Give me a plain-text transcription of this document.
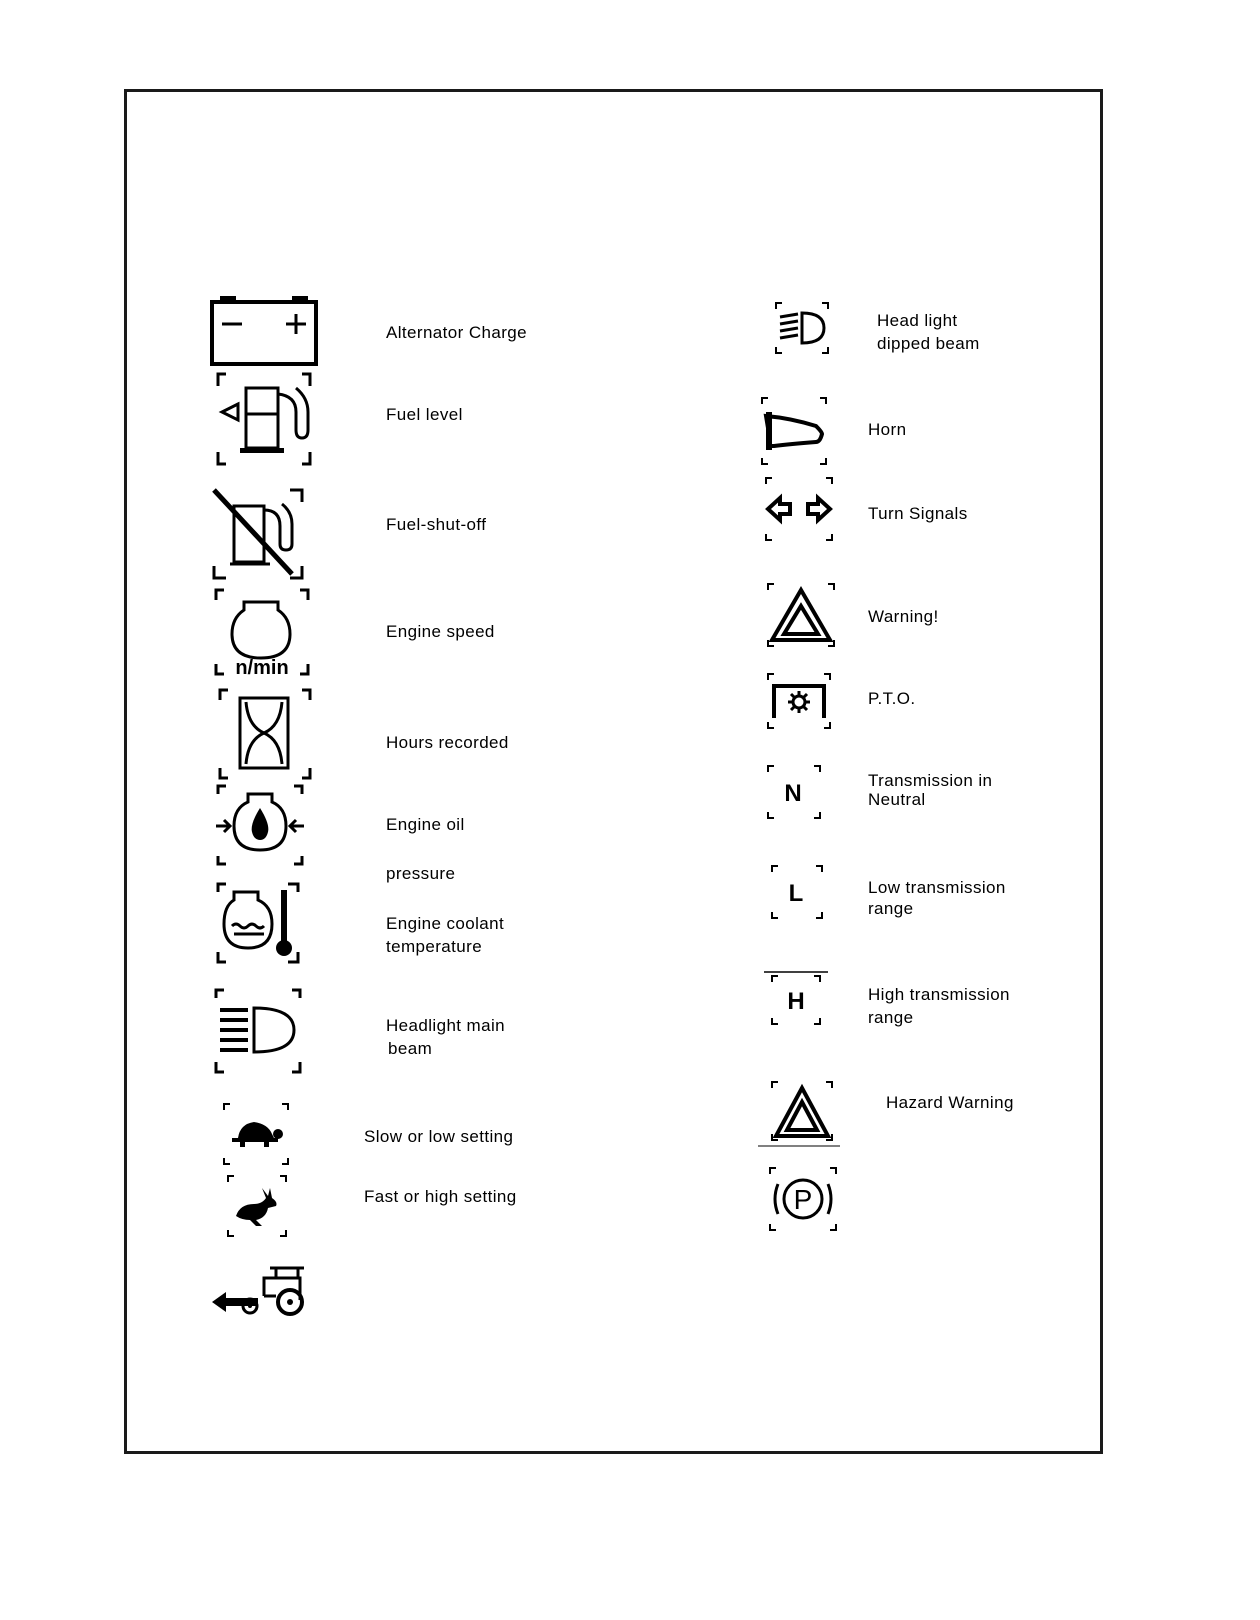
Alternator Charge
Fuel level
Fuel-shut-off
n/min
Engine speed
Hours recorded
Engine oil
pressure
Engine coolant
temperature
Headlight main
beam
Slow or low setting
Fast or high setting
Head light
dipped beam
Horn
Turn Signals
Warning!
P.T.O.
N	Transmission in
Neutral
L	Low transmission
range
H	High transmission
range
Hazard Warning
P
